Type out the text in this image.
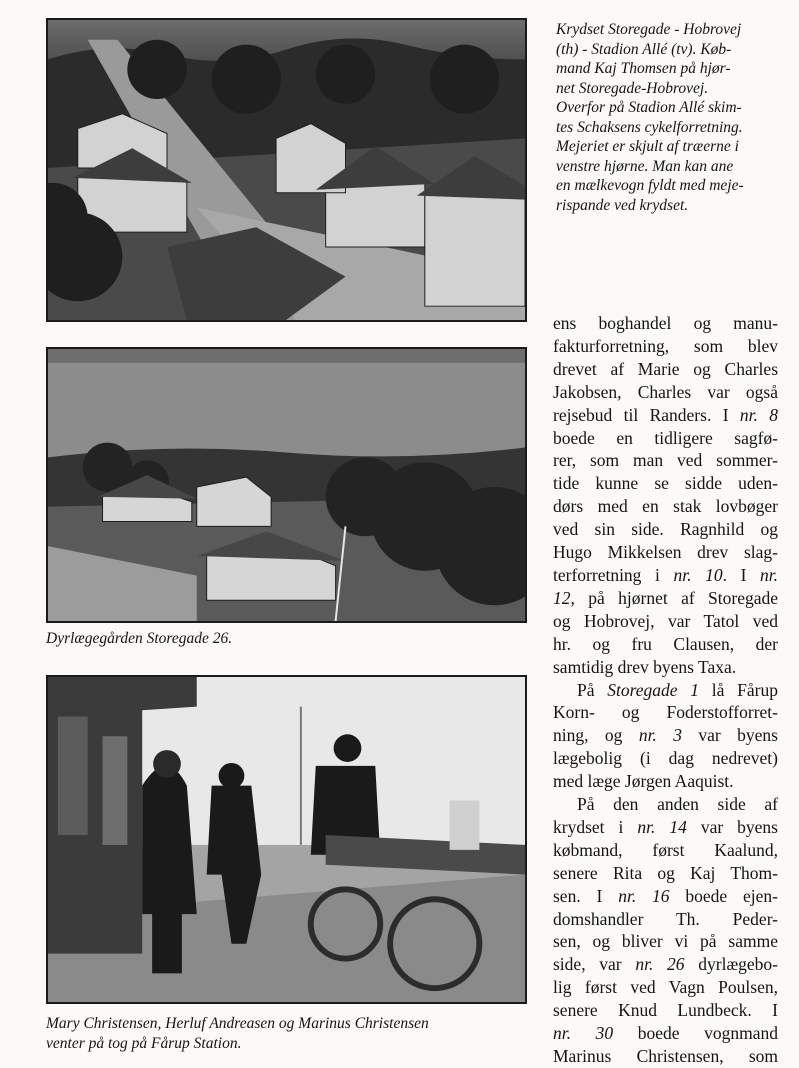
Krydset Storegade - Hobrovej
(th) - Stadion Allé (tv). Køb-
mand Kaj Thomsen på hjør-
net Storegade-Hobrovej.
Overfor på Stadion Allé skim-
tes Schaksens cykelforretning.
Mejeriet er skjult af træerne i
venstre hjørne. Man kan ane
en mælkevogn fyldt med meje-
rispande ved krydset.

Dyrlægegården Storegade 26.

Mary Christensen, Herluf Andreasen og Marinus Christensen
venter på tog på Fårup Station.

ens boghandel og manu-
fakturforretning, som blev
drevet af Marie og Charles
Jakobsen, Charles var også
rejsebud til Randers. I nr. 8
boede en tidligere sagfø-
rer, som man ved sommer-
tide kunne se sidde uden-
dørs med en stak lovbøger
ved sin side. Ragnhild og
Hugo Mikkelsen drev slag-
terforretning i nr. 10. I nr.
12, på hjørnet af Storegade
og Hobrovej, var Tatol ved
hr. og fru Clausen, der
samtidig drev byens Taxa.
På Storegade 1 lå Fårup
Korn- og Foderstofforret-
ning, og nr. 3 var byens
lægebolig (i dag nedrevet)
med læge Jørgen Aaquist.
På den anden side af
krydset i nr. 14 var byens
købmand, først Kaalund,
senere Rita og Kaj Thom-
sen. I nr. 16 boede ejen-
domshandler Th. Peder-
sen, og bliver vi på samme
side, var nr. 26 dyrlægebo-
lig først ved Vagn Poulsen,
senere Knud Lundbeck. I
nr. 30 boede vognmand
Marinus Christensen, som
